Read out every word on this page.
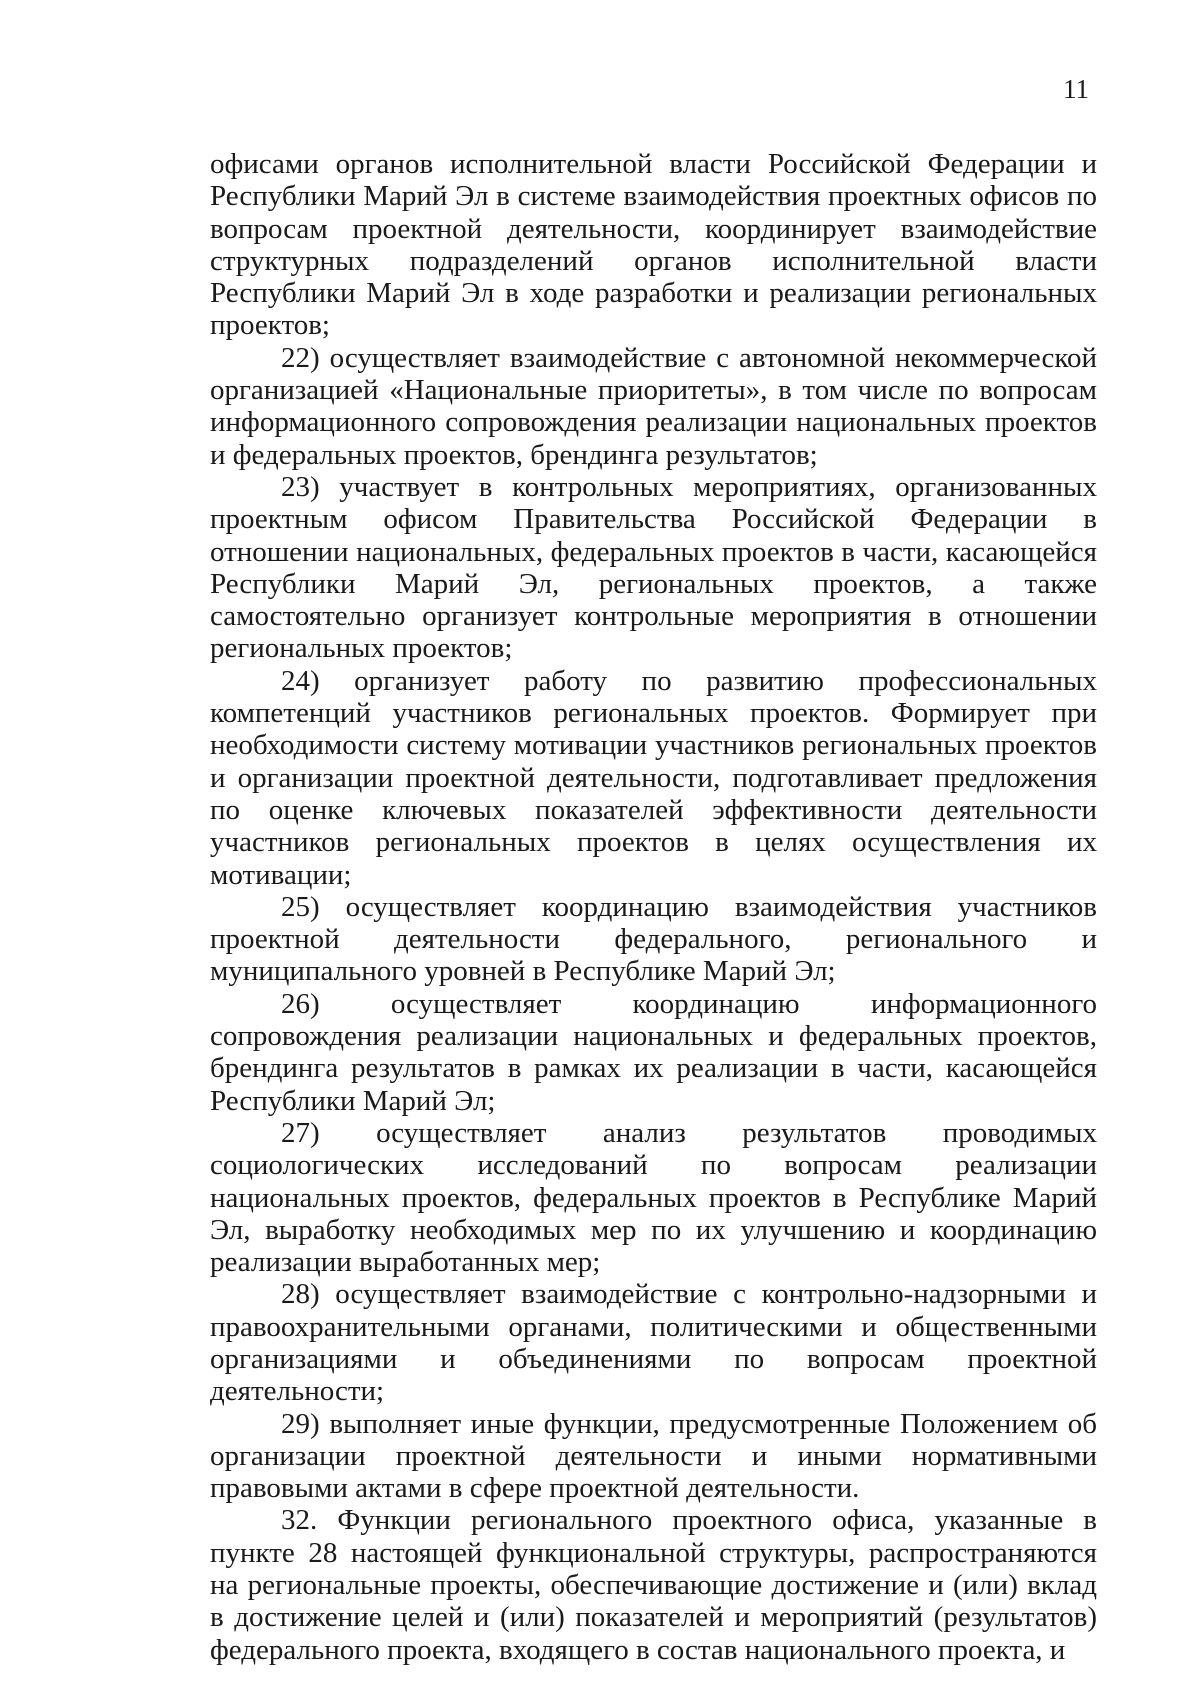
11

офисами органов исполнительной власти Российской Федерации и Республики Марий Эл в системе взаимодействия проектных офисов по вопросам проектной деятельности, координирует взаимодействие структурных подразделений органов исполнительной власти Республики Марий Эл в ходе разработки и реализации региональных проектов;

22) осуществляет взаимодействие с автономной некоммерческой организацией «Национальные приоритеты», в том числе по вопросам информационного сопровождения реализации национальных проектов и федеральных проектов, брендинга результатов;

23) участвует в контрольных мероприятиях, организованных проектным офисом Правительства Российской Федерации в отношении национальных, федеральных проектов в части, касающейся Республики Марий Эл, региональных проектов, а также самостоятельно организует контрольные мероприятия в отношении региональных проектов;

24) организует работу по развитию профессиональных компетенций участников региональных проектов. Формирует при необходимости систему мотивации участников региональных проектов и организации проектной деятельности, подготавливает предложения по оценке ключевых показателей эффективности деятельности участников региональных проектов в целях осуществления их мотивации;

25) осуществляет координацию взаимодействия участников проектной деятельности федерального, регионального и муниципального уровней в Республике Марий Эл;

26) осуществляет координацию информационного сопровождения реализации национальных и федеральных проектов, брендинга результатов в рамках их реализации в части, касающейся Республики Марий Эл;

27) осуществляет анализ результатов проводимых социологических исследований по вопросам реализации национальных проектов, федеральных проектов в Республике Марий Эл, выработку необходимых мер по их улучшению и координацию реализации выработанных мер;

28) осуществляет взаимодействие с контрольно-надзорными и правоохранительными органами, политическими и общественными организациями и объединениями по вопросам проектной деятельности;

29) выполняет иные функции, предусмотренные Положением об организации проектной деятельности и иными нормативными правовыми актами в сфере проектной деятельности.

32. Функции регионального проектного офиса, указанные в пункте 28 настоящей функциональной структуры, распространяются на региональные проекты, обеспечивающие достижение и (или) вклад в достижение целей и (или) показателей и мероприятий (результатов) федерального проекта, входящего в состав национального проекта, и
